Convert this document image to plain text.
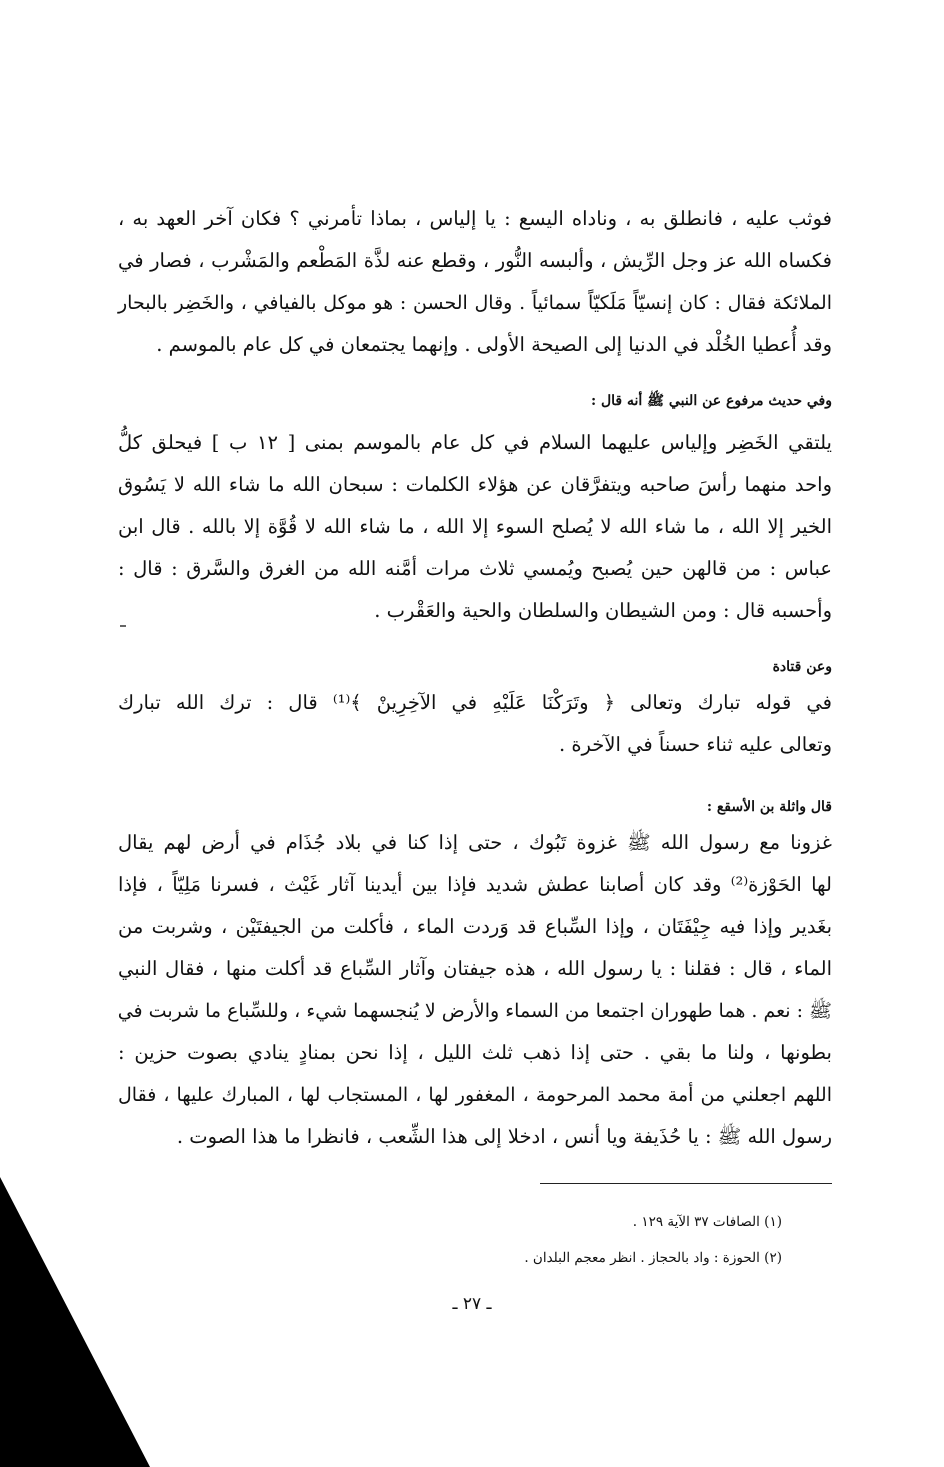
فوثب عليه ، فانطلق به ، وناداه اليسع : يا إلياس ، بماذا تأمرني ؟ فكان آخر العهد به ،
فكساه الله عز وجل الرِّيش ، وألبسه النُّور ، وقطع عنه لذَّة المَطْعم والمَشْرب ، فصار في
الملائكة فقال : كان إنسيّاً مَلَكيّاً سمائياً . وقال الحسن : هو موكل بالفيافي ، والخَضِر بالبحار
وقد أُعطيا الخُلْد في الدنيا إلى الصيحة الأولى . وإنهما يجتمعان في كل عام بالموسم .
وفي حديث مرفوع عن النبي ﷺ أنه قال :
يلتقي الخَضِر وإلياس عليهما السلام في كل عام بالموسم بمنى [ ١٢ ب ] فيحلق كلُّ
واحد منهما رأسَ صاحبه ويتفرَّقان عن هؤلاء الكلمات : سبحان الله ما شاء الله لا يَسُوق
الخير إلا الله ، ما شاء الله لا يُصلح السوء إلا الله ، ما شاء الله لا قُوَّة إلا بالله . قال ابن
عباس : من قالهن حين يُصبح ويُمسي ثلاث مرات أمَّنه الله من الغرق والسَّرق : قال :
وأحسبه قال : ومن الشيطان والسلطان والحية والعَقْرب .
وعن قتادة
في قوله تبارك وتعالى ﴿ وتَرَكْنَا عَلَيْهِ في الآخِرِينْ ﴾⁽¹⁾ قال : ترك الله تبارك
وتعالى عليه ثناء حسناً في الآخرة .
قال واثلة بن الأسقع :
غزونا مع رسول الله ﷺ غزوة تَبُوك ، حتى إذا كنا في بلاد جُذَام في أرض لهم يقال
لها الحَوْزة⁽²⁾ وقد كان أصابنا عطش شديد فإذا بين أيدينا آثار غَيْث ، فسرنا مَلِيّاً ، فإذا
بغَدير وإذا فيه جِيْفَتَان ، وإذا السِّباع قد وَردت الماء ، فأكلت من الجيفتَيْن ، وشربت من
الماء ، قال : فقلنا : يا رسول الله ، هذه جيفتان وآثار السِّباع قد أكلت منها ، فقال النبي
ﷺ : نعم . هما طهوران اجتمعا من السماء والأرض لا يُنجسهما شيء ، وللسِّباع ما شربت في
بطونها ، ولنا ما بقي . حتى إذا ذهب ثلث الليل ، إذا نحن بمنادٍ ينادي بصوت حزين :
اللهم اجعلني من أمة محمد المرحومة ، المغفور لها ، المستجاب لها ، المبارك عليها ، فقال
رسول الله ﷺ : يا حُذَيفة ويا أنس ، ادخلا إلى هذا الشِّعب ، فانظرا ما هذا الصوت .
(١) الصافات ٣٧ الآية ١٢٩ .
(٢) الحوزة : واد بالحجاز . انظر معجم البلدان .
ـ ٢٧ ـ
